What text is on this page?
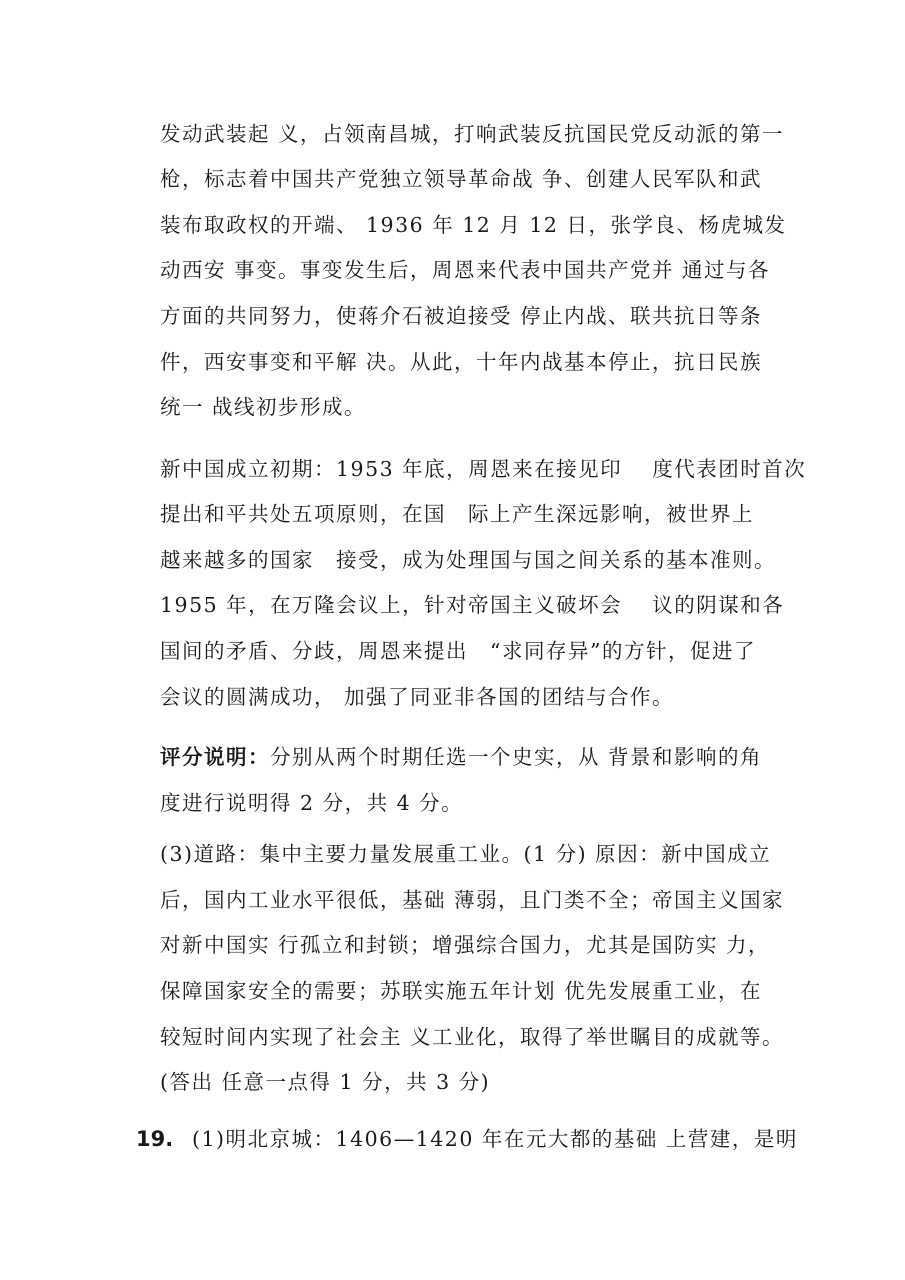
发动武装起 义，占领南昌城，打响武装反抗国民党反动派的第一
枪，标志着中国共产党独立领导革命战 争、创建人民军队和武
装布取政权的开端、 1936 年 12 月 12 日，张学良、杨虎城发
动西安 事变。事变发生后，周恩来代表中国共产党并 通过与各
方面的共同努力，使蒋介石被迫接受 停止内战、联共抗日等条
件，西安事变和平解 决。从此，十年内战基本停止，抗日民族
统一 战线初步形成。
新中国成立初期：1953 年底，周恩来在接见印　 度代表团时首次
提出和平共处五项原则，在国　际上产生深远影响，被世界上
越来越多的国家　接受，成为处理国与国之间关系的基本准则。
1955 年，在万隆会议上，针对帝国主义破坏会　 议的阴谋和各
国间的矛盾、分歧，周恩来提出　“求同存异”的方针，促进了
会议的圆满成功， 加强了同亚非各国的团结与合作。
评分说明：分别从两个时期任选一个史实，从 背景和影响的角
度进行说明得 2 分，共 4 分。
(3)道路：集中主要力量发展重工业。(1 分) 原因：新中国成立
后，国内工业水平很低，基础 薄弱，且门类不全；帝国主义国家
对新中国实 行孤立和封锁；增强综合国力，尤其是国防实 力，
保障国家安全的需要；苏联实施五年计划 优先发展重工业，在
较短时间内实现了社会主 义工业化，取得了举世瞩目的成就等。
(答出 任意一点得 1 分，共 3 分)
19. (1)明北京城：1406—1420 年在元大都的基础 上营建，是明
